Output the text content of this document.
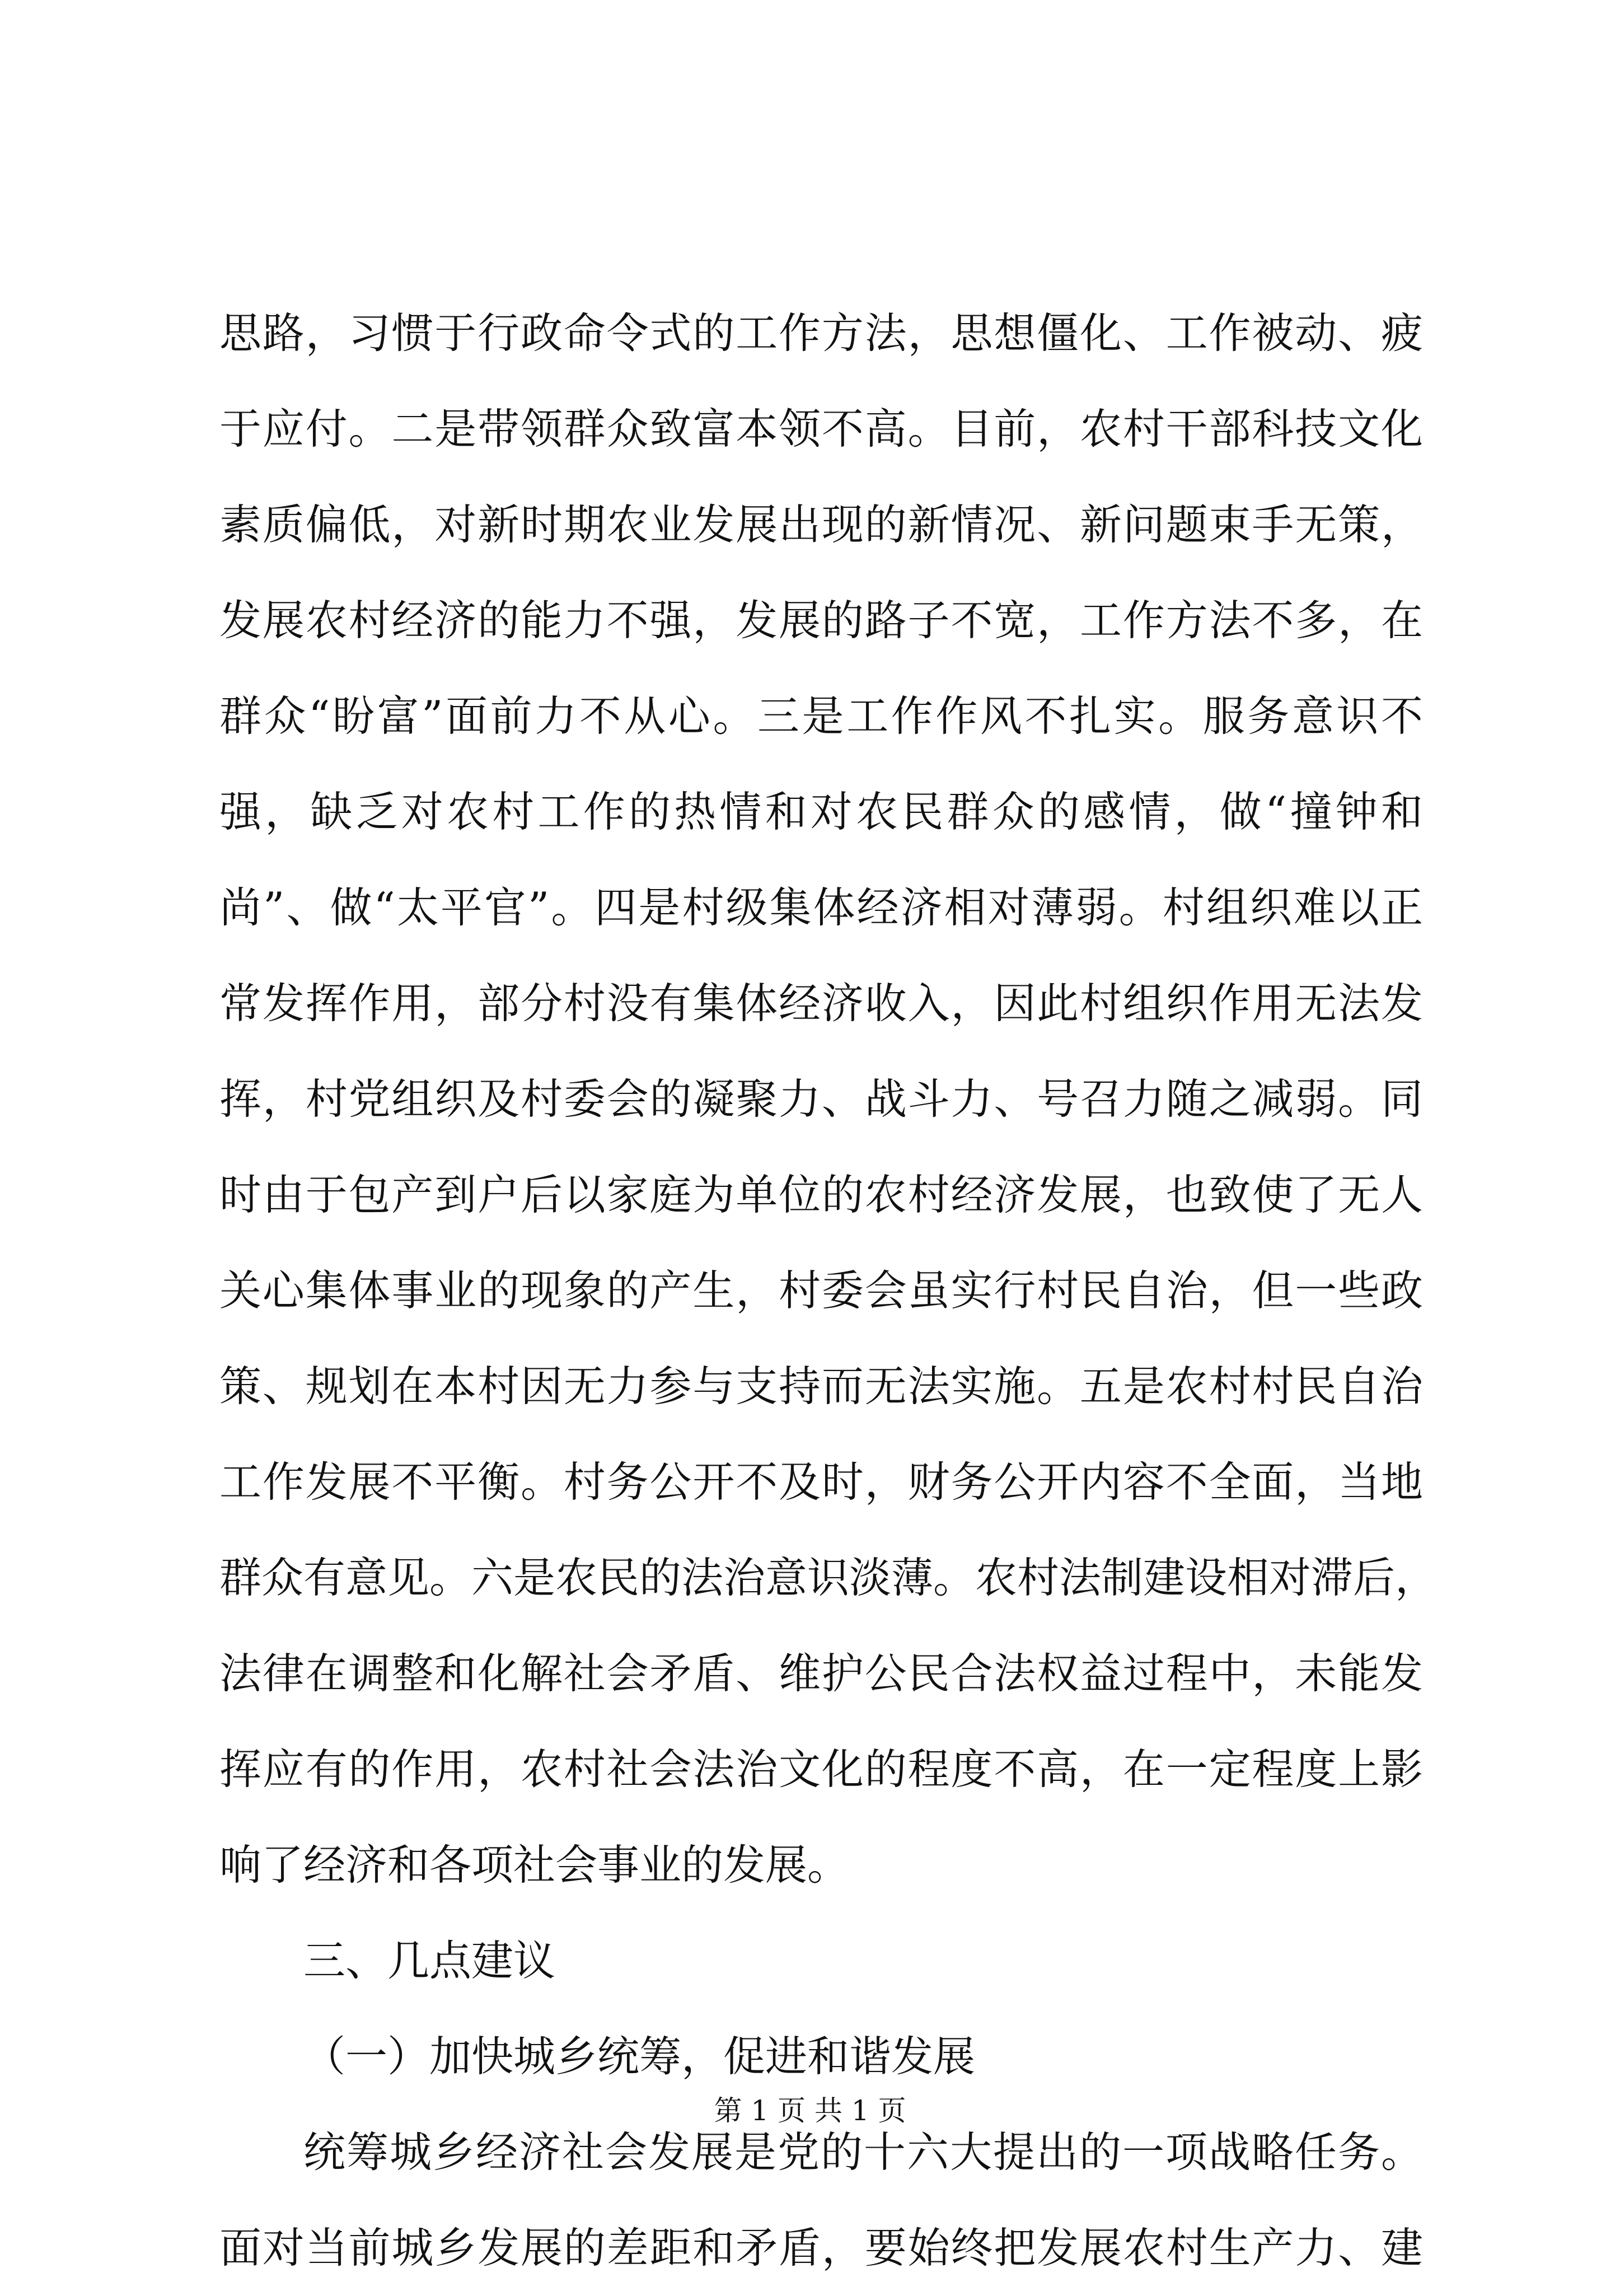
思路，习惯于行政命令式的工作方法，思想僵化、工作被动、疲
于应付。二是带领群众致富本领不高。目前，农村干部科技文化
素质偏低，对新时期农业发展出现的新情况、新问题束手无策，
发展农村经济的能力不强，发展的路子不宽，工作方法不多，在
群众“盼富”面前力不从心。三是工作作风不扎实。服务意识不
强，缺乏对农村工作的热情和对农民群众的感情，做“撞钟和
尚”、做“太平官”。四是村级集体经济相对薄弱。村组织难以正
常发挥作用，部分村没有集体经济收入，因此村组织作用无法发
挥，村党组织及村委会的凝聚力、战斗力、号召力随之减弱。同
时由于包产到户后以家庭为单位的农村经济发展，也致使了无人
关心集体事业的现象的产生，村委会虽实行村民自治，但一些政
策、规划在本村因无力参与支持而无法实施。五是农村村民自治
工作发展不平衡。村务公开不及时，财务公开内容不全面，当地
群众有意见。六是农民的法治意识淡薄。农村法制建设相对滞后，
法律在调整和化解社会矛盾、维护公民合法权益过程中，未能发
挥应有的作用，农村社会法治文化的程度不高，在一定程度上影
响了经济和各项社会事业的发展。
三、几点建议
（一）加快城乡统筹，促进和谐发展
统筹城乡经济社会发展是党的十六大提出的一项战略任务。
面对当前城乡发展的差距和矛盾，要始终把发展农村生产力、建
第 1 页 共 1 页
